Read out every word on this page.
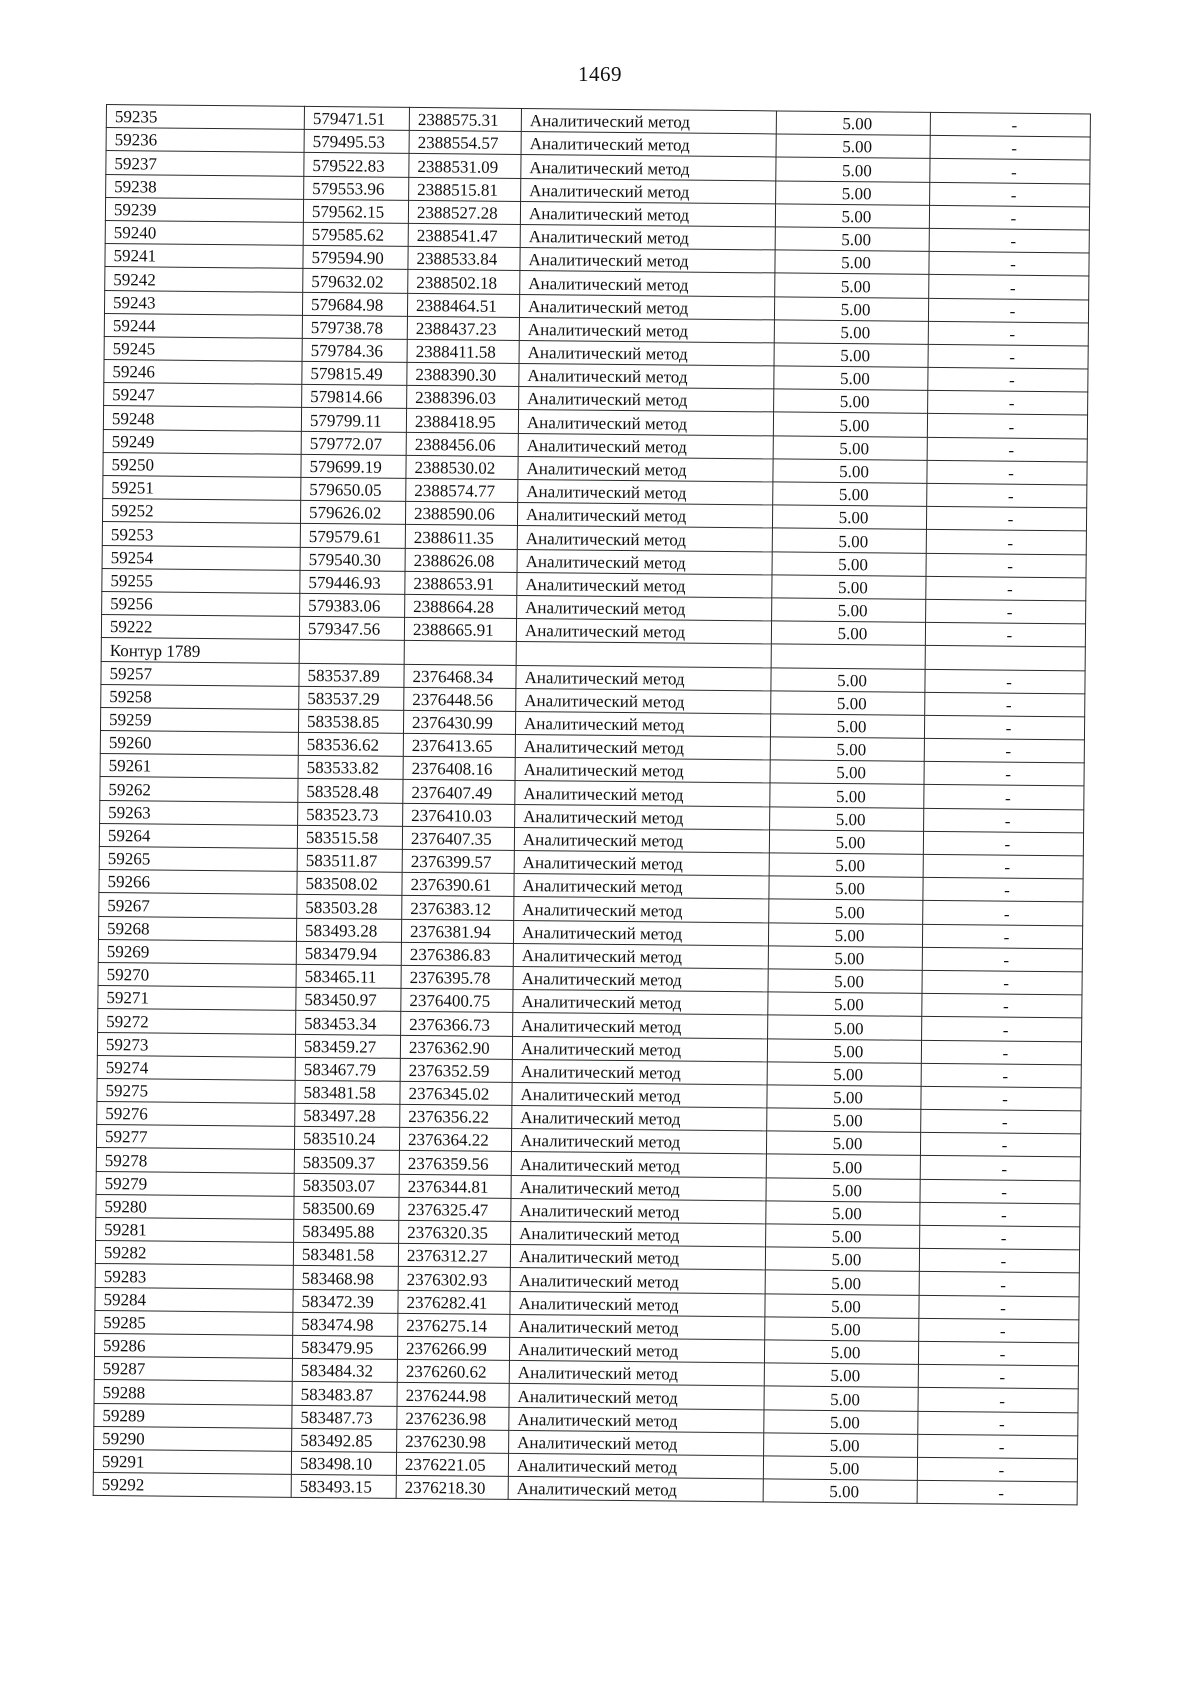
1469
59235	579471.51	2388575.31	Аналитический метод	5.00	-
59236	579495.53	2388554.57	Аналитический метод	5.00	-
59237	579522.83	2388531.09	Аналитический метод	5.00	-
59238	579553.96	2388515.81	Аналитический метод	5.00	-
59239	579562.15	2388527.28	Аналитический метод	5.00	-
59240	579585.62	2388541.47	Аналитический метод	5.00	-
59241	579594.90	2388533.84	Аналитический метод	5.00	-
59242	579632.02	2388502.18	Аналитический метод	5.00	-
59243	579684.98	2388464.51	Аналитический метод	5.00	-
59244	579738.78	2388437.23	Аналитический метод	5.00	-
59245	579784.36	2388411.58	Аналитический метод	5.00	-
59246	579815.49	2388390.30	Аналитический метод	5.00	-
59247	579814.66	2388396.03	Аналитический метод	5.00	-
59248	579799.11	2388418.95	Аналитический метод	5.00	-
59249	579772.07	2388456.06	Аналитический метод	5.00	-
59250	579699.19	2388530.02	Аналитический метод	5.00	-
59251	579650.05	2388574.77	Аналитический метод	5.00	-
59252	579626.02	2388590.06	Аналитический метод	5.00	-
59253	579579.61	2388611.35	Аналитический метод	5.00	-
59254	579540.30	2388626.08	Аналитический метод	5.00	-
59255	579446.93	2388653.91	Аналитический метод	5.00	-
59256	579383.06	2388664.28	Аналитический метод	5.00	-
59222	579347.56	2388665.91	Аналитический метод	5.00	-
Контур 1789					
59257	583537.89	2376468.34	Аналитический метод	5.00	-
59258	583537.29	2376448.56	Аналитический метод	5.00	-
59259	583538.85	2376430.99	Аналитический метод	5.00	-
59260	583536.62	2376413.65	Аналитический метод	5.00	-
59261	583533.82	2376408.16	Аналитический метод	5.00	-
59262	583528.48	2376407.49	Аналитический метод	5.00	-
59263	583523.73	2376410.03	Аналитический метод	5.00	-
59264	583515.58	2376407.35	Аналитический метод	5.00	-
59265	583511.87	2376399.57	Аналитический метод	5.00	-
59266	583508.02	2376390.61	Аналитический метод	5.00	-
59267	583503.28	2376383.12	Аналитический метод	5.00	-
59268	583493.28	2376381.94	Аналитический метод	5.00	-
59269	583479.94	2376386.83	Аналитический метод	5.00	-
59270	583465.11	2376395.78	Аналитический метод	5.00	-
59271	583450.97	2376400.75	Аналитический метод	5.00	-
59272	583453.34	2376366.73	Аналитический метод	5.00	-
59273	583459.27	2376362.90	Аналитический метод	5.00	-
59274	583467.79	2376352.59	Аналитический метод	5.00	-
59275	583481.58	2376345.02	Аналитический метод	5.00	-
59276	583497.28	2376356.22	Аналитический метод	5.00	-
59277	583510.24	2376364.22	Аналитический метод	5.00	-
59278	583509.37	2376359.56	Аналитический метод	5.00	-
59279	583503.07	2376344.81	Аналитический метод	5.00	-
59280	583500.69	2376325.47	Аналитический метод	5.00	-
59281	583495.88	2376320.35	Аналитический метод	5.00	-
59282	583481.58	2376312.27	Аналитический метод	5.00	-
59283	583468.98	2376302.93	Аналитический метод	5.00	-
59284	583472.39	2376282.41	Аналитический метод	5.00	-
59285	583474.98	2376275.14	Аналитический метод	5.00	-
59286	583479.95	2376266.99	Аналитический метод	5.00	-
59287	583484.32	2376260.62	Аналитический метод	5.00	-
59288	583483.87	2376244.98	Аналитический метод	5.00	-
59289	583487.73	2376236.98	Аналитический метод	5.00	-
59290	583492.85	2376230.98	Аналитический метод	5.00	-
59291	583498.10	2376221.05	Аналитический метод	5.00	-
59292	583493.15	2376218.30	Аналитический метод	5.00	-
